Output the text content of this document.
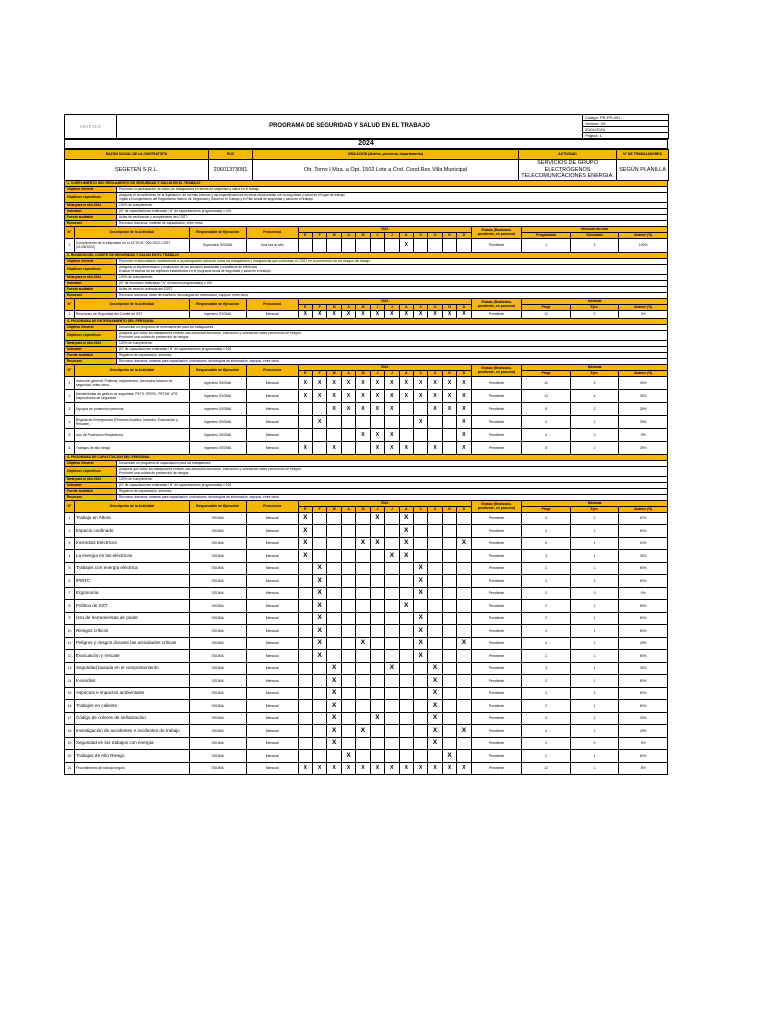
SEGETEN	PROGRAMA DE SEGURIDAD Y SALUD EN EL TRABAJO	Código: PR-PR-001
Versión: 03
20/01/2024
Página: 1
2024
RAZÓN SOCIAL DE LA CONTRATISTA	RUC	UBICACIÓN (distrito, provincia, departamento)	ACTIVIDAD	N° DE TRABAJADORES
SEGETEN S.R.L.	20601373081	Otr. Tomo I Mza. a Opt. 1502 Lote a Cnd. Cond.Res Villa Municipal	SERVICIOS DE GRUPO ELECTRÓGENOS TELECOMUNICACIONES ENERGIA.	SEGÚN PLANILLA
1. CUMPLIMIENTO DEL REGLAMENTO DE SEGURIDAD Y SALUD EN EL TRABAJO
Objetivo General	Promover la participación de todos los trabajadores en temas de seguridad y salud en el trabajo.

Objetivos específicos	Asegurar el cumplimiento de la legislación, de normas internas y las especificaciones técnicas relacionadas con la seguridad y salud en el lugar de trabajo.
Vigilar el cumplimiento del Reglamento Interno de Seguridad y Salud en el Trabajo y el Plan Anual de seguridad y salud en el trabajo.

Meta para el año 2024	100% de cumplimiento

Indicador	(N° de capacitaciones realizadas / N° de capacitaciones programadas) x 100

Fuente auditable	Actas de verificación y cumplimiento del CSST

Recursos	Recursos humanos, material de capacitación, entre otros.
N°	Descripción de la Actividad	Responsable de Ejecución	Frecuencia	2024												Estado (Realizado, pendiente, en proceso)	Mensual del mes		
				E	F	M	A	M	J	J	A	S	O	N	D		Programado	Ejecutado	Avance (%)
1	Cumplimiento de lo estipulado en el SCTR-N° 005-2022-CSST (21/06/2022)	Supervisor SSOMA	Una vez al año								X					Pendiente	1	1	100%
2. REUNIÓN DEL COMITÉ DE SEGURIDAD Y SALUD EN EL TRABAJO
Objetivo General	Promover el autocuidado, fortaleciendo a la participación activa de todos los trabajadores y trabajadoras que conforman el CSST en la prevención de los riesgos del trabajo.

Objetivos específicos	Asegurar la implementación y evaluación de las acciones adoptadas y establecer su eficiencia.
Evaluar el avance de los objetivos establecidos en el programa anual de seguridad y salud en el trabajo.

Meta para el año 2024	100% de cumplimiento

Indicador	(N° de reuniones realizadas / N° reuniones programadas) x 100

Fuente auditable	Actas de reunión ordinaria del CSST

Recursos	Recursos humanos, útiles de escritorio, tecnologías de información, equipos, entre otros.
N°	Descripción de la Actividad	Responsable de Ejecución	Frecuencia	2024												Estado (Realizado, pendiente, en proceso)	Mensual		
				E	F	M	A	M	J	J	A	S	O	N	D		Progr	Ejec.	Avance (%)
1	Reuniones de Seguridad del Comité de SST	Ingeniero SSOMA	Mensual	X	X	X	X	X	X	X	X	X	X	X	X	Pendiente	12	0	0%
3. PROGRAMA DE ENTRENAMIENTO DEL PERSONAL
Objetivo General	Desarrollar un programa de entrenamiento para los trabajadores.

Objetivos específicos	Asegurar que todos los trabajadores reciban una adecuada formación, instrucción y orientación sobre prevención de riesgos.
Promover una cultura de prevención de riesgos.

Meta para el año 2024	100% de cumplimiento

Indicador	(N° de capacitaciones realizadas / N° de capacitaciones programadas) x 100

Fuente auditable	Registros de capacitación, informes

Recursos	Recursos humanos, material para capacitación, instructores, tecnologías de información, equipos, entre otros.
N°	Descripción de la Actividad	Responsable de Ejecución	Frecuencia	2024												Estado (Realizado, pendiente, en proceso)	Mensual		
				E	F	M	A	M	J	J	A	S	O	N	D		Progr	Ejec.	Avance (%)
1	Inducción general: Políticas, reglamentos, conceptos básicos de seguridad, entre otros.	Ingeniero SSOMA	Mensual	X	X	X	X	X	X	X	X	X	X	X	X	Pendiente	12	4	33%
2	Herramientas de gestión de seguridad: PETS, IPERC, PETAR, ATS, inspecciones de seguridad.	Ingeniero SSOMA	Mensual	X	X	X	X	X	X	X	X	X	X	X	X	Pendiente	12	4	33%
3	Equipos de protección personal	Ingeniero SSOMA	Mensual			X	X	X	X	X			X	X	X	Pendiente	8	2	25%
4	Brigada de Emergencias (Primeros Auxilios, Incendio, Evacuación y Rescate)	Ingeniero SSOMA	Mensual		X							X			X	Pendiente	4	1	25%
5	Uso de Protección Respiratoria	Ingeniero SSOMA	Mensual					X	X	X					X	Pendiente	4	0	0%
6	Trabajos de alto riesgo	Ingeniero SSOMA	Mensual	X		X			X	X	X		X		X	Pendiente	8	2	25%
4. PROGRAMA DE CAPACITACIÓN DEL PERSONAL
Objetivo General	Desarrollar un programa de capacitación para los trabajadores.

Objetivos específicos	Asegurar que todos los trabajadores reciban una adecuada formación, instrucción y orientación sobre prevención de riesgos.
Promover una cultura de prevención de riesgos.

Meta para el año 2024	100% de cumplimiento

Indicador	(N° de capacitaciones realizadas / N° de capacitaciones programadas) x 100

Fuente auditable	Registros de capacitación, informes

Recursos	Recursos humanos, material para capacitación, instructores, tecnologías de información, equipos, entre otros.
N°	Descripción de la Actividad	Responsable de Ejecución	Frecuencia	2024												Estado (Realizado, pendiente, en proceso)	Mensual		
				E	F	M	A	M	J	J	A	S	O	N	D		Progr	Ejec.	Avance (%)
1	Trabajo en Altura	SSOMA	Mensual	X					X		X					Pendiente	3	2	67%
2	Espacio confinado	SSOMA	Mensual	X							X					Pendiente	2	1	50%
3	Incendios Eléctricos	SSOMA	Mensual	X				X	X		X				X	Pendiente	5	1	20%
4	La energía en las eléctricas	SSOMA	Mensual	X						X	X					Pendiente	3	1	33%
5	Trabajos con energía eléctrica	SSOMA	Mensual		X							X				Pendiente	2	1	50%
6	IPERC	SSOMA	Mensual		X							X				Pendiente	2	1	50%
7	Ergonomía	SSOMA	Mensual		X							X				Pendiente	2	0	0%
8	Política de SST	SSOMA	Mensual		X						X					Pendiente	2	1	50%
9	Uso de herramientas de poder	SSOMA	Mensual		X							X				Pendiente	2	1	50%
10	Riesgos críticos	SSOMA	Mensual		X							X				Pendiente	2	1	50%
11	Peligros y riesgos durante las actividades críticas	SSOMA	Mensual		X			X				X			X	Pendiente	4	1	25%
12	Evacuación y rescate	SSOMA	Mensual		X							X				Pendiente	2	1	50%
13	Seguridad basada en el comportamiento	SSOMA	Mensual			X				X			X			Pendiente	3	1	33%
14	Incendios	SSOMA	Mensual			X							X			Pendiente	2	1	50%
15	Aspectos e impactos ambientales	SSOMA	Mensual			X							X			Pendiente	2	1	50%
16	Trabajos en caliente	SSOMA	Mensual			X							X			Pendiente	2	1	50%
17	Código de colores de señalización	SSOMA	Mensual			X			X				X			Pendiente	3	1	33%
18	Investigación de accidentes e incidentes de trabajo	SSOMA	Mensual			X		X					X		X	Pendiente	4	1	25%
19	Seguridad en los trabajos con energía	SSOMA	Mensual			X							X			Pendiente	2	0	0%
20	Trabajos de Alto Riesgo	SSOMA	Mensual				X							X		Pendiente	2	1	50%
21	Procedimiento de trabajo seguro	SSOMA	Mensual	X	X	X	X	X	X	X	X	X	X	X	X	Pendiente	12	1	8%
